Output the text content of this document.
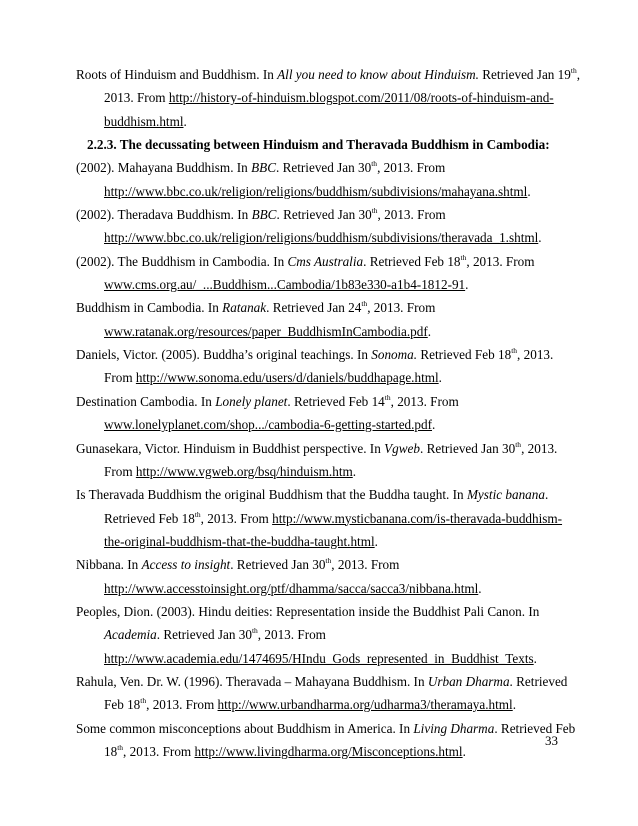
Roots of Hinduism and Buddhism. In All you need to know about Hinduism. Retrieved Jan 19th,
2013. From http://history-of-hinduism.blogspot.com/2011/08/roots-of-hinduism-and-
buddhism.html.
2.2.3. The decussating between Hinduism and Theravada Buddhism in Cambodia:
(2002). Mahayana Buddhism. In BBC. Retrieved Jan 30th, 2013. From
http://www.bbc.co.uk/religion/religions/buddhism/subdivisions/mahayana.shtml.
(2002). Theradava Buddhism. In BBC. Retrieved Jan 30th, 2013. From
http://www.bbc.co.uk/religion/religions/buddhism/subdivisions/theravada_1.shtml.
(2002). The Buddhism in Cambodia. In Cms Australia. Retrieved Feb 18th, 2013. From
www.cms.org.au/_...Buddhism...Cambodia/1b83e330-a1b4-1812-91.
Buddhism in Cambodia. In Ratanak. Retrieved Jan 24th, 2013. From
www.ratanak.org/resources/paper_BuddhismInCambodia.pdf.
Daniels, Victor. (2005). Buddha’s original teachings. In Sonoma. Retrieved Feb 18th, 2013.
From http://www.sonoma.edu/users/d/daniels/buddhapage.html.
Destination Cambodia. In Lonely planet. Retrieved Feb 14th, 2013. From
www.lonelyplanet.com/shop.../cambodia-6-getting-started.pdf.
Gunasekara, Victor. Hinduism in Buddhist perspective. In Vgweb. Retrieved Jan 30th, 2013.
From http://www.vgweb.org/bsq/hinduism.htm.
Is Theravada Buddhism the original Buddhism that the Buddha taught. In Mystic banana.
Retrieved Feb 18th, 2013. From http://www.mysticbanana.com/is-theravada-buddhism-
the-original-buddhism-that-the-buddha-taught.html.
Nibbana. In Access to insight. Retrieved Jan 30th, 2013. From
http://www.accesstoinsight.org/ptf/dhamma/sacca/sacca3/nibbana.html.
Peoples, Dion. (2003). Hindu deities: Representation inside the Buddhist Pali Canon. In
Academia. Retrieved Jan 30th, 2013. From
http://www.academia.edu/1474695/HIndu_Gods_represented_in_Buddhist_Texts.
Rahula, Ven. Dr. W. (1996). Theravada – Mahayana Buddhism. In Urban Dharma. Retrieved
Feb 18th, 2013. From http://www.urbandharma.org/udharma3/theramaya.html.
Some common misconceptions about Buddhism in America. In Living Dharma. Retrieved Feb
18th, 2013. From http://www.livingdharma.org/Misconceptions.html.
33
